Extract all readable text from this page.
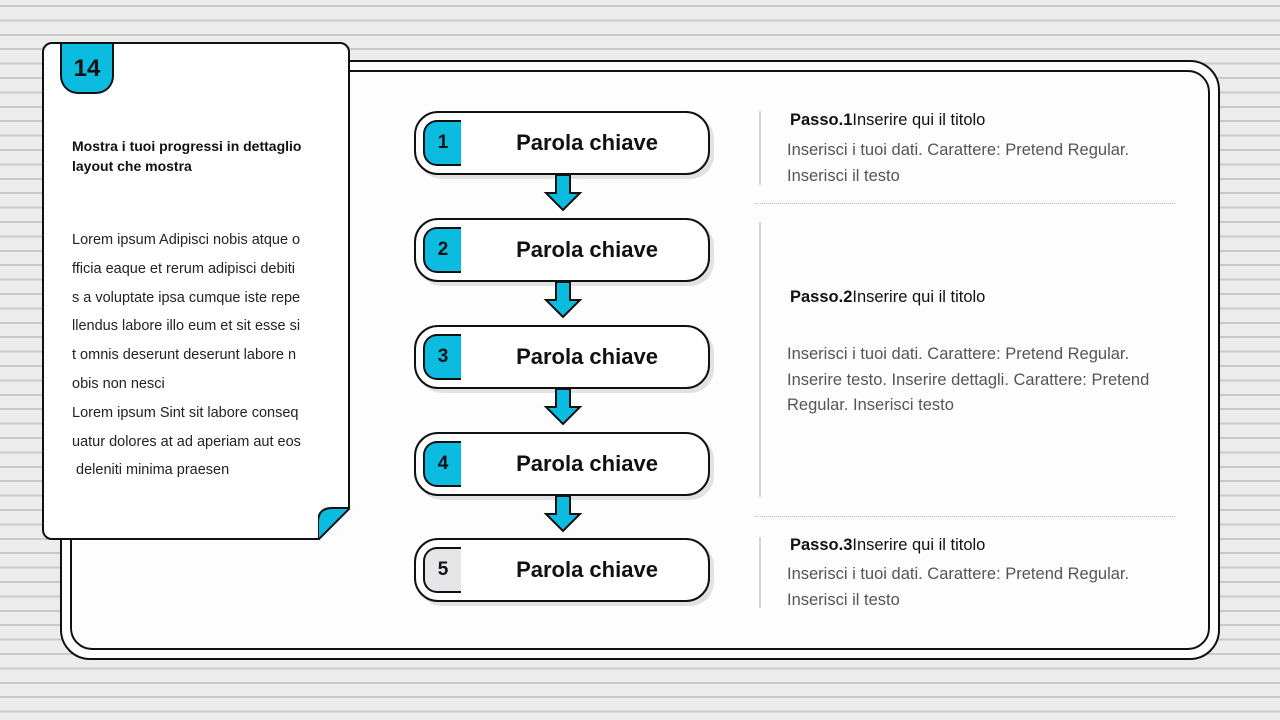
14
Mostra i tuoi progressi in dettaglio layout che mostra
Lorem ipsum Adipisci nobis atque o
fficia eaque et rerum adipisci debiti
s a voluptate ipsa cumque iste repe
llendus labore illo eum et sit esse si
t omnis deserunt deserunt labore n
obis non nesci
Lorem ipsum Sint sit labore conseq
uatur dolores at ad aperiam aut eos
deleniti minima praesen
1	Parola chiave
2	Parola chiave
3	Parola chiave
4	Parola chiave
5	Parola chiave
Passo.1Inserire qui il titolo
Inserisci i tuoi dati. Carattere: Pretend Regular. Inserisci il testo
Passo.2Inserire qui il titolo
Inserisci i tuoi dati. Carattere: Pretend Regular. Inserire testo. Inserire dettagli. Carattere: Pretend Regular. Inserisci testo
Passo.3Inserire qui il titolo
Inserisci i tuoi dati. Carattere: Pretend Regular. Inserisci il testo
